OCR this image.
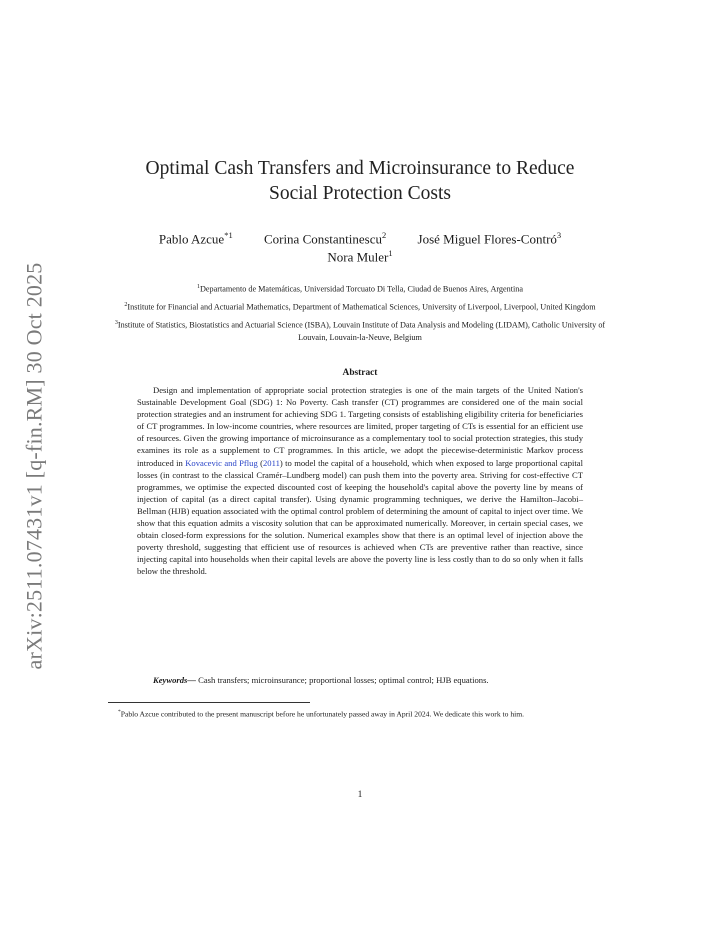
arXiv:2511.07431v1 [q-fin.RM] 30 Oct 2025
Optimal Cash Transfers and Microinsurance to Reduce
Social Protection Costs
Pablo Azcue$^{*1}$ Corina Constantinescu$^2$ José Miguel Flores-Contró$^3$
Nora Muler$^1$

$^1$Departamento de Matemáticas, Universidad Torcuato Di Tella, Ciudad de Buenos Aires, Argentina

$^2$Institute for Financial and Actuarial Mathematics, Department of Mathematical Sciences, University of Liverpool, Liverpool, United Kingdom

$^3$Institute of Statistics, Biostatistics and Actuarial Science (ISBA), Louvain Institute of Data Analysis and Modeling (LIDAM), Catholic University of Louvain, Louvain-la-Neuve, Belgium

Abstract

Design and implementation of appropriate social protection strategies is one of the main targets of the United Nation's Sustainable Development Goal (SDG) 1: No Poverty. Cash transfer (CT) programmes are considered one of the main social protection strategies and an instrument for achieving SDG 1. Targeting consists of establishing eligibility criteria for beneficiaries of CT programmes. In low-income countries, where resources are limited, proper targeting of CTs is essential for an efficient use of resources. Given the growing importance of microinsurance as a complementary tool to social protection strategies, this study examines its role as a supplement to CT programmes. In this article, we adopt the piecewise-deterministic Markov process introduced in Kovacevic and Pflug (2011) to model the capital of a household, which when exposed to large proportional capital losses (in contrast to the classical Cramér–Lundberg model) can push them into the poverty area. Striving for cost-effective CT programmes, we optimise the expected discounted cost of keeping the household's capital above the poverty line by means of injection of capital (as a direct capital transfer). Using dynamic programming techniques, we derive the Hamilton–Jacobi–Bellman (HJB) equation associated with the optimal control problem of determining the amount of capital to inject over time. We show that this equation admits a viscosity solution that can be approximated numerically. Moreover, in certain special cases, we obtain closed-form expressions for the solution. Numerical examples show that there is an optimal level of injection above the poverty threshold, suggesting that efficient use of resources is achieved when CTs are preventive rather than reactive, since injecting capital into households when their capital levels are above the poverty line is less costly than to do so only when it falls below the threshold.

Keywords— Cash transfers; microinsurance; proportional losses; optimal control; HJB equations.

*Pablo Azcue contributed to the present manuscript before he unfortunately passed away in April 2024. We dedicate this work to him.

1
